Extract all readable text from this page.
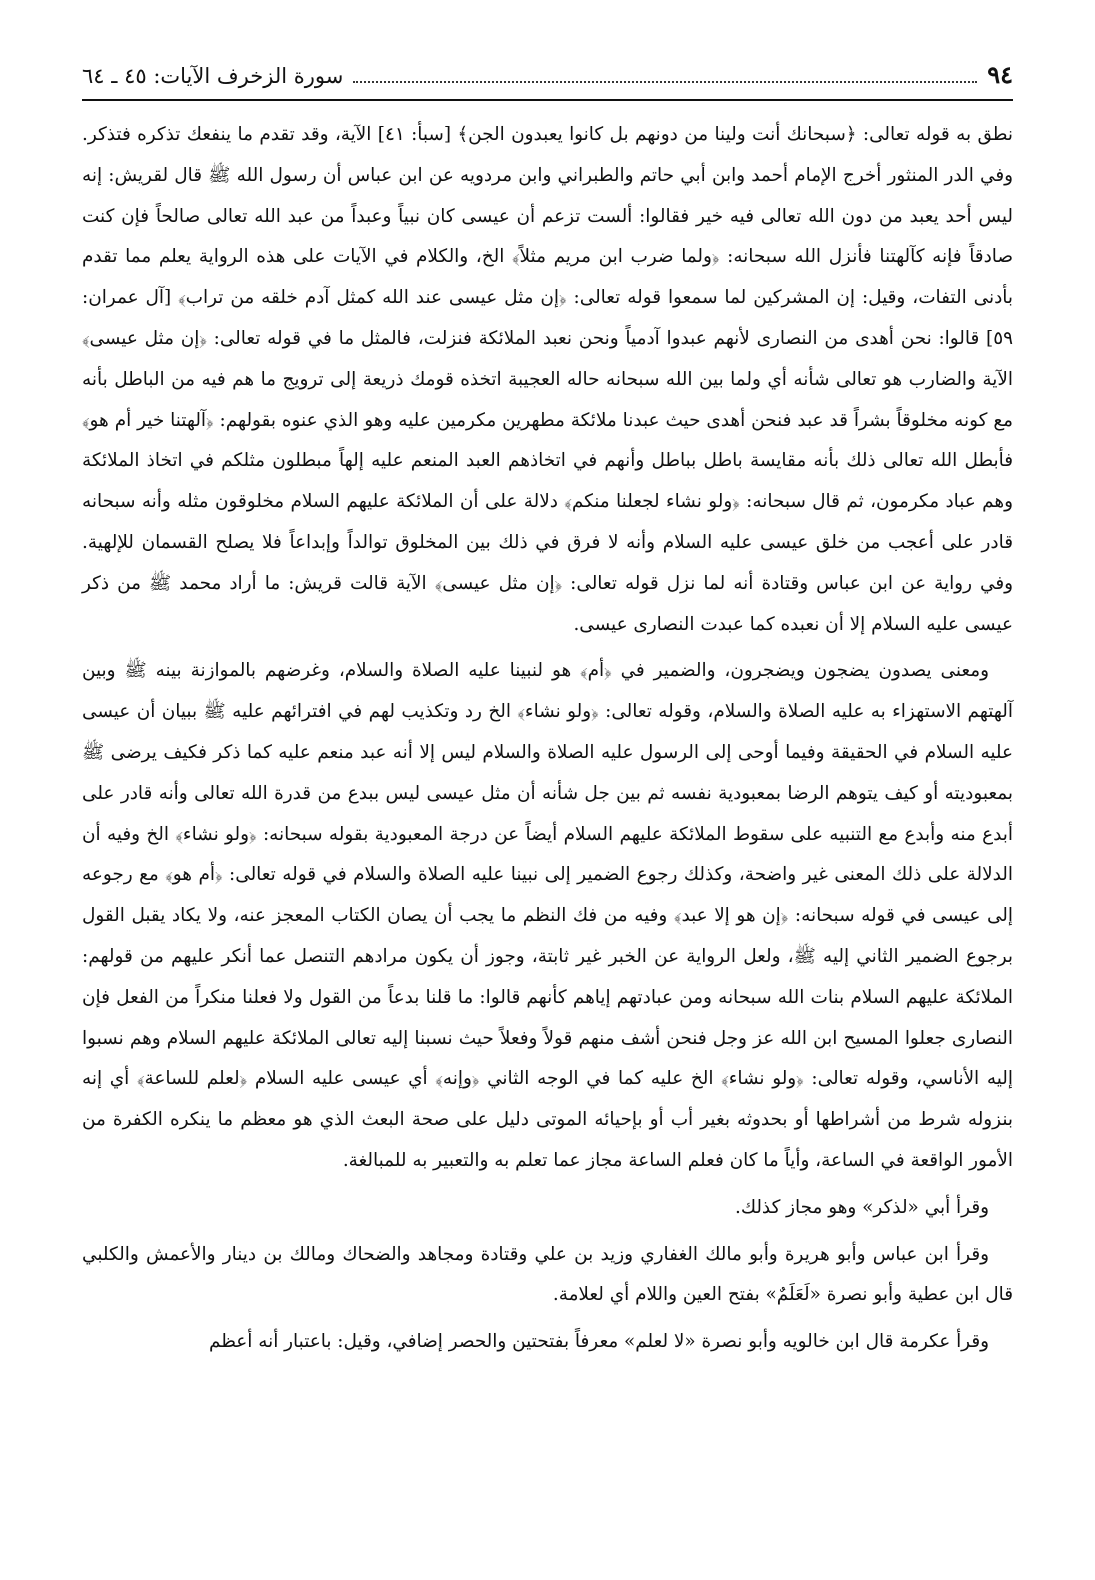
٩٤
سورة الزخرف الآيات: ٤٥ ـ ٦٤

نطق به قوله تعالى: ﴿سبحانك أنت ولينا من دونهم بل كانوا يعبدون الجن﴾ [سبأ: ٤١] الآية، وقد تقدم ما ينفعك تذكره فتذكر. وفي الدر المنثور أخرج الإمام أحمد وابن أبي حاتم والطبراني وابن مردويه عن ابن عباس أن رسول الله ﷺ قال لقريش: إنه ليس أحد يعبد من دون الله تعالى فيه خير فقالوا: ألست تزعم أن عيسى كان نبياً وعبداً من عبد الله تعالى صالحاً فإن كنت صادقاً فإنه كآلهتنا فأنزل الله سبحانه: ﴿ولما ضرب ابن مريم مثلاً﴾ الخ، والكلام في الآيات على هذه الرواية يعلم مما تقدم بأدنى التفات، وقيل: إن المشركين لما سمعوا قوله تعالى: ﴿إن مثل عيسى عند الله كمثل آدم خلقه من تراب﴾ [آل عمران: ٥٩] قالوا: نحن أهدى من النصارى لأنهم عبدوا آدمياً ونحن نعبد الملائكة فنزلت، فالمثل ما في قوله تعالى: ﴿إن مثل عيسى﴾ الآية والضارب هو تعالى شأنه أي ولما بين الله سبحانه حاله العجيبة اتخذه قومك ذريعة إلى ترويج ما هم فيه من الباطل بأنه مع كونه مخلوقاً بشراً قد عبد فنحن أهدى حيث عبدنا ملائكة مطهرين مكرمين عليه وهو الذي عنوه بقولهم: ﴿آلهتنا خير أم هو﴾ فأبطل الله تعالى ذلك بأنه مقايسة باطل بباطل وأنهم في اتخاذهم العبد المنعم عليه إلهاً مبطلون مثلكم في اتخاذ الملائكة وهم عباد مكرمون، ثم قال سبحانه: ﴿ولو نشاء لجعلنا منكم﴾ دلالة على أن الملائكة عليهم السلام مخلوقون مثله وأنه سبحانه قادر على أعجب من خلق عيسى عليه السلام وأنه لا فرق في ذلك بين المخلوق توالداً وإبداعاً فلا يصلح القسمان للإلهية. وفي رواية عن ابن عباس وقتادة أنه لما نزل قوله تعالى: ﴿إن مثل عيسى﴾ الآية قالت قريش: ما أراد محمد ﷺ من ذكر عيسى عليه السلام إلا أن نعبده كما عبدت النصارى عيسى.

ومعنى يصدون يضجون ويضجرون، والضمير في ﴿أم﴾ هو لنبينا عليه الصلاة والسلام، وغرضهم بالموازنة بينه ﷺ وبين آلهتهم الاستهزاء به عليه الصلاة والسلام، وقوله تعالى: ﴿ولو نشاء﴾ الخ رد وتكذيب لهم في افترائهم عليه ﷺ ببيان أن عيسى عليه السلام في الحقيقة وفيما أوحى إلى الرسول عليه الصلاة والسلام ليس إلا أنه عبد منعم عليه كما ذكر فكيف يرضى ﷺ بمعبوديته أو كيف يتوهم الرضا بمعبودية نفسه ثم بين جل شأنه أن مثل عيسى ليس ببدع من قدرة الله تعالى وأنه قادر على أبدع منه وأبدع مع التنبيه على سقوط الملائكة عليهم السلام أيضاً عن درجة المعبودية بقوله سبحانه: ﴿ولو نشاء﴾ الخ وفيه أن الدلالة على ذلك المعنى غير واضحة، وكذلك رجوع الضمير إلى نبينا عليه الصلاة والسلام في قوله تعالى: ﴿أم هو﴾ مع رجوعه إلى عيسى في قوله سبحانه: ﴿إن هو إلا عبد﴾ وفيه من فك النظم ما يجب أن يصان الكتاب المعجز عنه، ولا يكاد يقبل القول برجوع الضمير الثاني إليه ﷺ، ولعل الرواية عن الخبر غير ثابتة، وجوز أن يكون مرادهم التنصل عما أنكر عليهم من قولهم: الملائكة عليهم السلام بنات الله سبحانه ومن عبادتهم إياهم كأنهم قالوا: ما قلنا بدعاً من القول ولا فعلنا منكراً من الفعل فإن النصارى جعلوا المسيح ابن الله عز وجل فنحن أشف منهم قولاً وفعلاً حيث نسبنا إليه تعالى الملائكة عليهم السلام وهم نسبوا إليه الأناسي، وقوله تعالى: ﴿ولو نشاء﴾ الخ عليه كما في الوجه الثاني ﴿وإنه﴾ أي عيسى عليه السلام ﴿لعلم للساعة﴾ أي إنه بنزوله شرط من أشراطها أو بحدوثه بغير أب أو بإحيائه الموتى دليل على صحة البعث الذي هو معظم ما ينكره الكفرة من الأمور الواقعة في الساعة، وأياً ما كان فعلم الساعة مجاز عما تعلم به والتعبير به للمبالغة.

وقرأ أبي «لذكر» وهو مجاز كذلك.

وقرأ ابن عباس وأبو هريرة وأبو مالك الغفاري وزيد بن علي وقتادة ومجاهد والضحاك ومالك بن دينار والأعمش والكلبي قال ابن عطية وأبو نصرة «لَعَلَمٌ» بفتح العين واللام أي لعلامة.

وقرأ عكرمة قال ابن خالويه وأبو نصرة «لا لعلم» معرفاً بفتحتين والحصر إضافي، وقيل: باعتبار أنه أعظم
